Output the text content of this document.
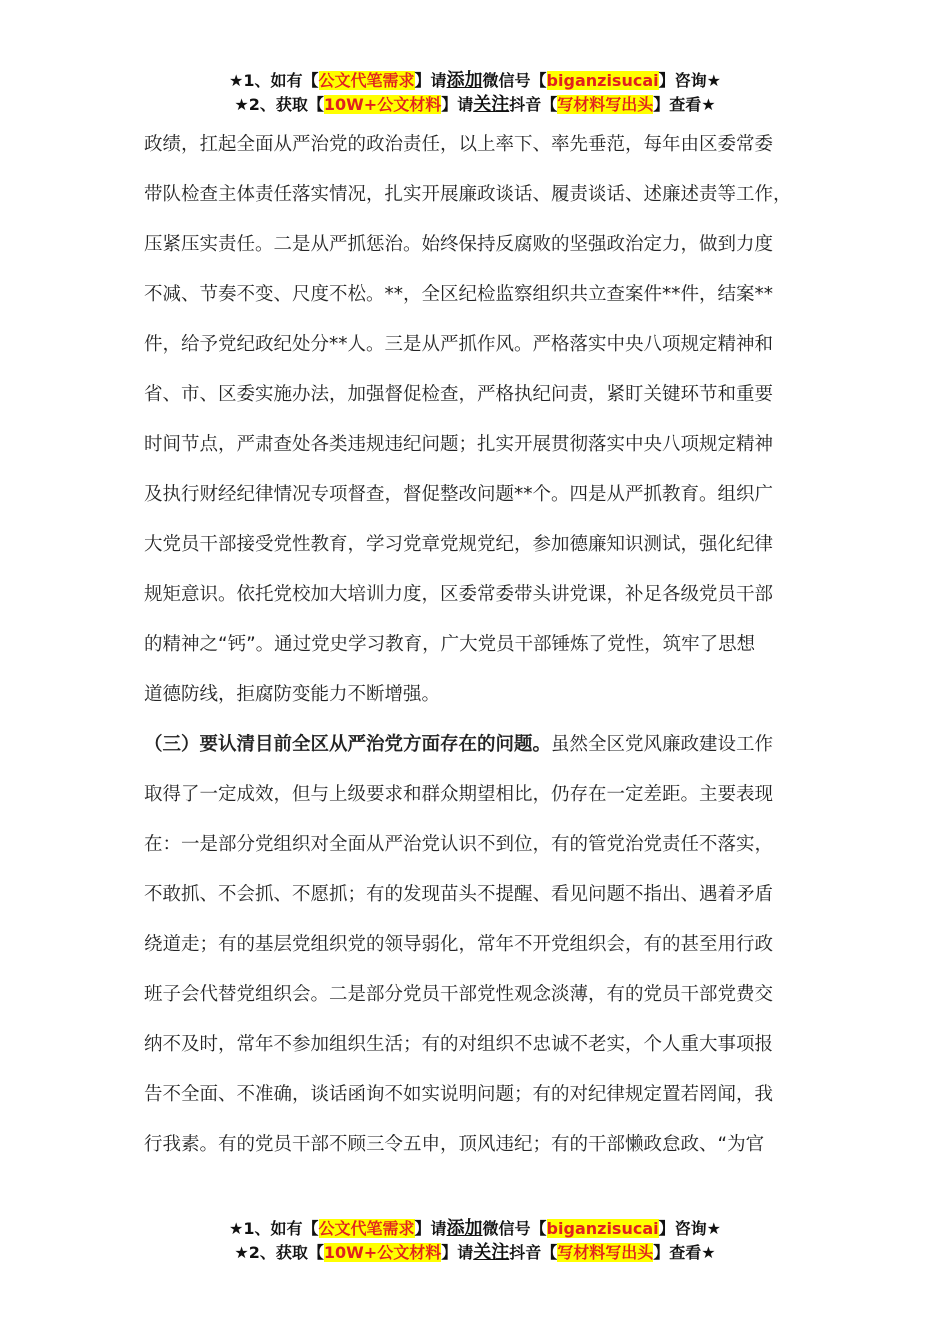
★1、如有【公文代笔需求】请添加微信号【biganzisucai】咨询★
★2、获取【10W+公文材料】请关注抖音【写材料写出头】查看★
政绩，扛起全面从严治党的政治责任，以上率下、率先垂范，每年由区委常委
带队检查主体责任落实情况，扎实开展廉政谈话、履责谈话、述廉述责等工作，
压紧压实责任。二是从严抓惩治。始终保持反腐败的坚强政治定力，做到力度
不减、节奏不变、尺度不松。**，全区纪检监察组织共立查案件**件，结案**
件，给予党纪政纪处分**人。三是从严抓作风。严格落实中央八项规定精神和
省、市、区委实施办法，加强督促检查，严格执纪问责，紧盯关键环节和重要
时间节点，严肃查处各类违规违纪问题；扎实开展贯彻落实中央八项规定精神
及执行财经纪律情况专项督查，督促整改问题**个。四是从严抓教育。组织广
大党员干部接受党性教育，学习党章党规党纪，参加德廉知识测试，强化纪律
规矩意识。依托党校加大培训力度，区委常委带头讲党课，补足各级党员干部
的精神之“钙”。通过党史学习教育，广大党员干部锤炼了党性，筑牢了思想
道德防线，拒腐防变能力不断增强。
（三）要认清目前全区从严治党方面存在的问题。虽然全区党风廉政建设工作
取得了一定成效，但与上级要求和群众期望相比，仍存在一定差距。主要表现
在：一是部分党组织对全面从严治党认识不到位，有的管党治党责任不落实，
不敢抓、不会抓、不愿抓；有的发现苗头不提醒、看见问题不指出、遇着矛盾
绕道走；有的基层党组织党的领导弱化，常年不开党组织会，有的甚至用行政
班子会代替党组织会。二是部分党员干部党性观念淡薄，有的党员干部党费交
纳不及时，常年不参加组织生活；有的对组织不忠诚不老实，个人重大事项报
告不全面、不准确，谈话函询不如实说明问题；有的对纪律规定置若罔闻，我
行我素。有的党员干部不顾三令五申，顶风违纪；有的干部懒政怠政、“为官
★1、如有【公文代笔需求】请添加微信号【biganzisucai】咨询★
★2、获取【10W+公文材料】请关注抖音【写材料写出头】查看★
